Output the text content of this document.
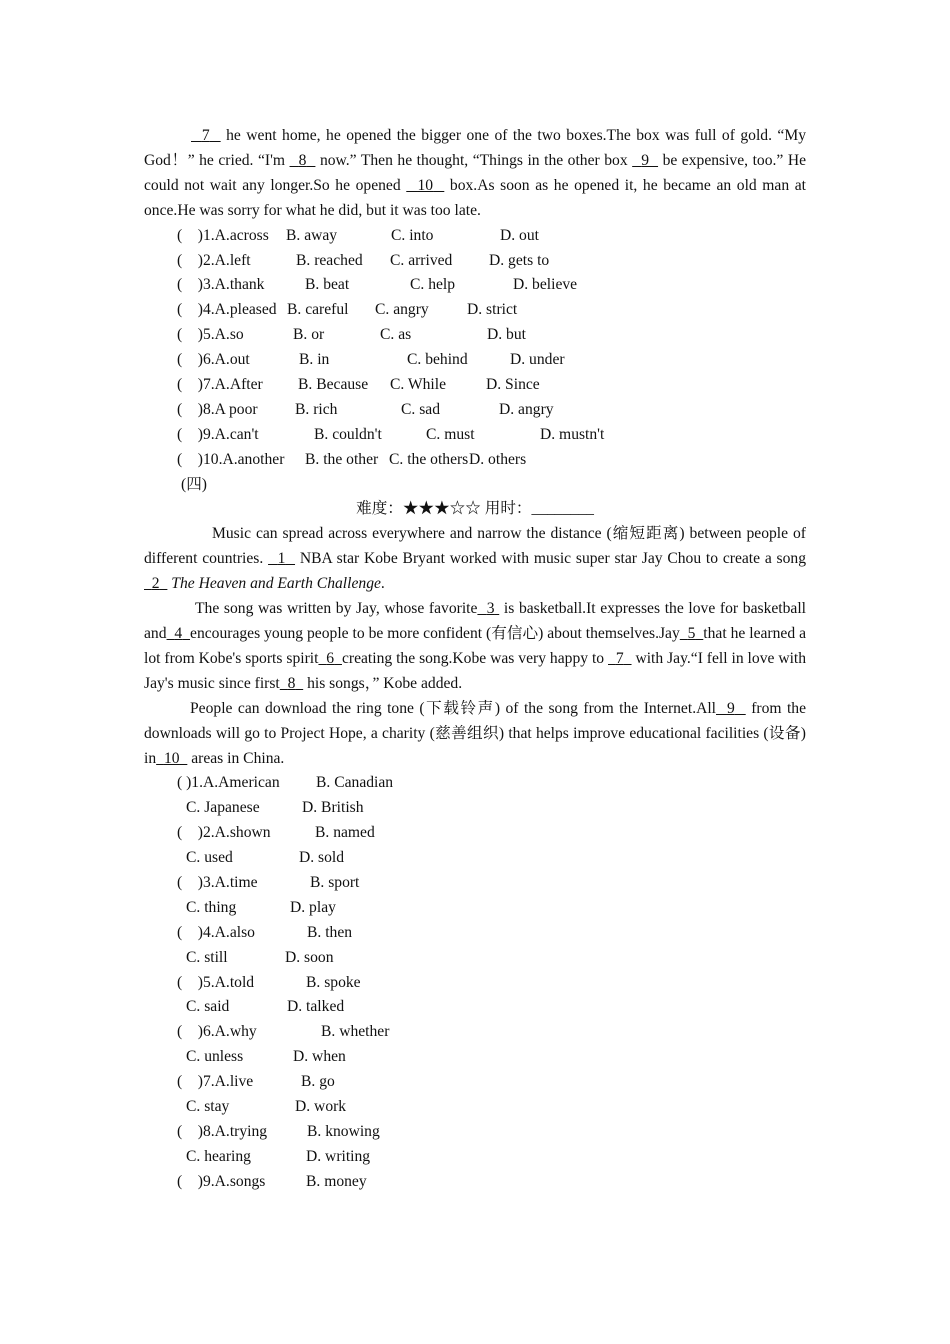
7   he went home, he opened the bigger one of the two boxes.The box was full of gold. “My God！” he cried. “I'm   8   now.” Then he thought, “Things in the other box   9   be expensive, too.” He could not wait any longer.So he opened   10   box.As soon as he opened it, he became an old man at once.He was sorry for what he did, but it was too late.

(　)1.A.across B. away	C. into	D. out
(　)2.A.left	B. reached C. arrived D. gets to
(　)3.A.thank	B. beat	C. help	D. believe
(　)4.A.pleased B. careful C. angry D. strict
(　)5.A.so	B. or	C. as	D. but
(　)6.A.out	B. in	C. behind	D. under
(　)7.A.After B. Because C. While	D. Since
(　)8.A poor B. rich	C. sad	D. angry
(　)9.A.can't	B. couldn't	C. must	D. mustn't
(　)10.A.another B. the other C. the others D. others

(四)

难度：★★★☆☆ 用时：________

Music can spread across everywhere and narrow the distance (缩短距离) between people of different countries.   1   NBA star Kobe Bryant worked with music super star Jay Chou to create a song  2 The Heaven and Earth Challenge.

The song was written by Jay, whose favorite 3  is basketball.It expresses the love for basketball and 4 encourages young people to be more confident (有信心) about themselves.Jay 5 that he learned a lot from Kobe's sports spirit 6 creating the song.Kobe was very happy to   7   with Jay.“I fell in love with Jay's music since first 8   his songs，” Kobe added.

People can download the ring tone (下载铃声) of the song from the Internet.All 9   from the downloads will go to Project Hope, a charity (慈善组织) that helps improve educational facilities (设备) in 10   areas in China.

( )1.A.American B. Canadian
C. Japanese	D. British
(　)2.A.shown	B. named
C. used	D. sold
(　)3.A.time	B. sport
C. thing	D. play
(　)4.A.also	B. then
C. still	D. soon
(　)5.A.told	B. spoke
C. said	D. talked
(　)6.A.why	B. whether
C. unless	D. when
(　)7.A.live	B. go
C. stay	D. work
(　)8.A.trying	B. knowing
C. hearing	D. writing
(　)9.A.songs	B. money
